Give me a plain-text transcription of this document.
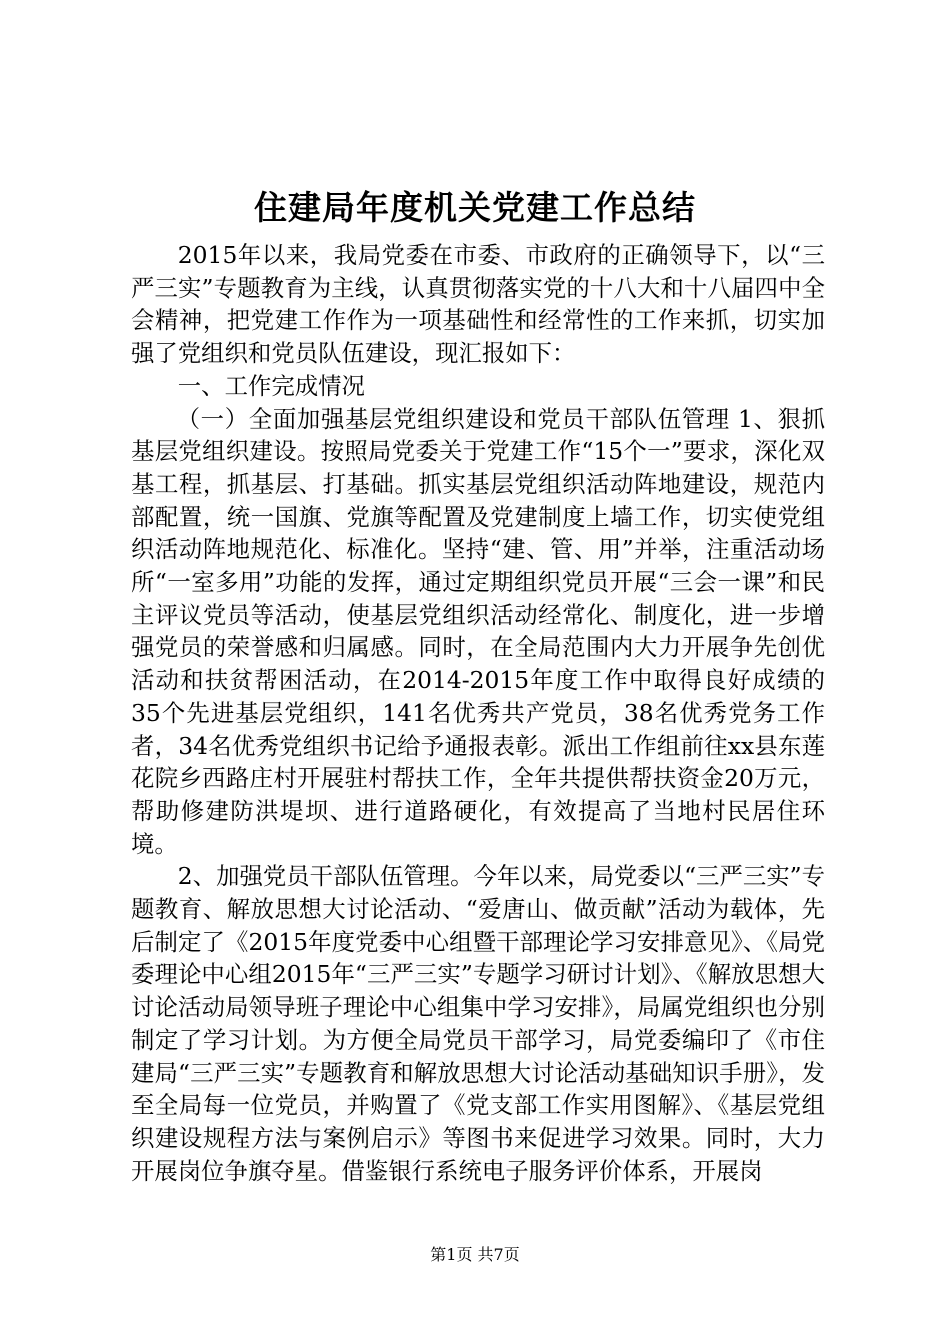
住建局年度机关党建工作总结

2015年以来，我局党委在市委、市政府的正确领导下，以“三严三实”专题教育为主线，认真贯彻落实党的十八大和十八届四中全会精神，把党建工作作为一项基础性和经常性的工作来抓，切实加强了党组织和党员队伍建设，现汇报如下：

一、工作完成情况

（一）全面加强基层党组织建设和党员干部队伍管理 1、狠抓基层党组织建设。按照局党委关于党建工作“15个一”要求，深化双基工程，抓基层、打基础。抓实基层党组织活动阵地建设，规范内部配置，统一国旗、党旗等配置及党建制度上墙工作，切实使党组织活动阵地规范化、标准化。坚持“建、管、用”并举，注重活动场所“一室多用”功能的发挥，通过定期组织党员开展“三会一课”和民主评议党员等活动，使基层党组织活动经常化、制度化，进一步增强党员的荣誉感和归属感。同时，在全局范围内大力开展争先创优活动和扶贫帮困活动，在2014-2015年度工作中取得良好成绩的35个先进基层党组织，141名优秀共产党员，38名优秀党务工作者，34名优秀党组织书记给予通报表彰。派出工作组前往xx县东莲花院乡西路庄村开展驻村帮扶工作，全年共提供帮扶资金20万元，帮助修建防洪堤坝、进行道路硬化，有效提高了当地村民居住环境。

2、加强党员干部队伍管理。今年以来，局党委以“三严三实”专题教育、解放思想大讨论活动、“爱唐山、做贡献”活动为载体，先后制定了《2015年度党委中心组暨干部理论学习安排意见》、《局党委理论中心组2015年“三严三实”专题学习研讨计划》、《解放思想大讨论活动局领导班子理论中心组集中学习安排》，局属党组织也分别制定了学习计划。为方便全局党员干部学习，局党委编印了《市住建局“三严三实”专题教育和解放思想大讨论活动基础知识手册》，发至全局每一位党员，并购置了《党支部工作实用图解》、《基层党组织建设规程方法与案例启示》等图书来促进学习效果。同时，大力开展岗位争旗夺星。借鉴银行系统电子服务评价体系，开展岗

第1页 共7页
